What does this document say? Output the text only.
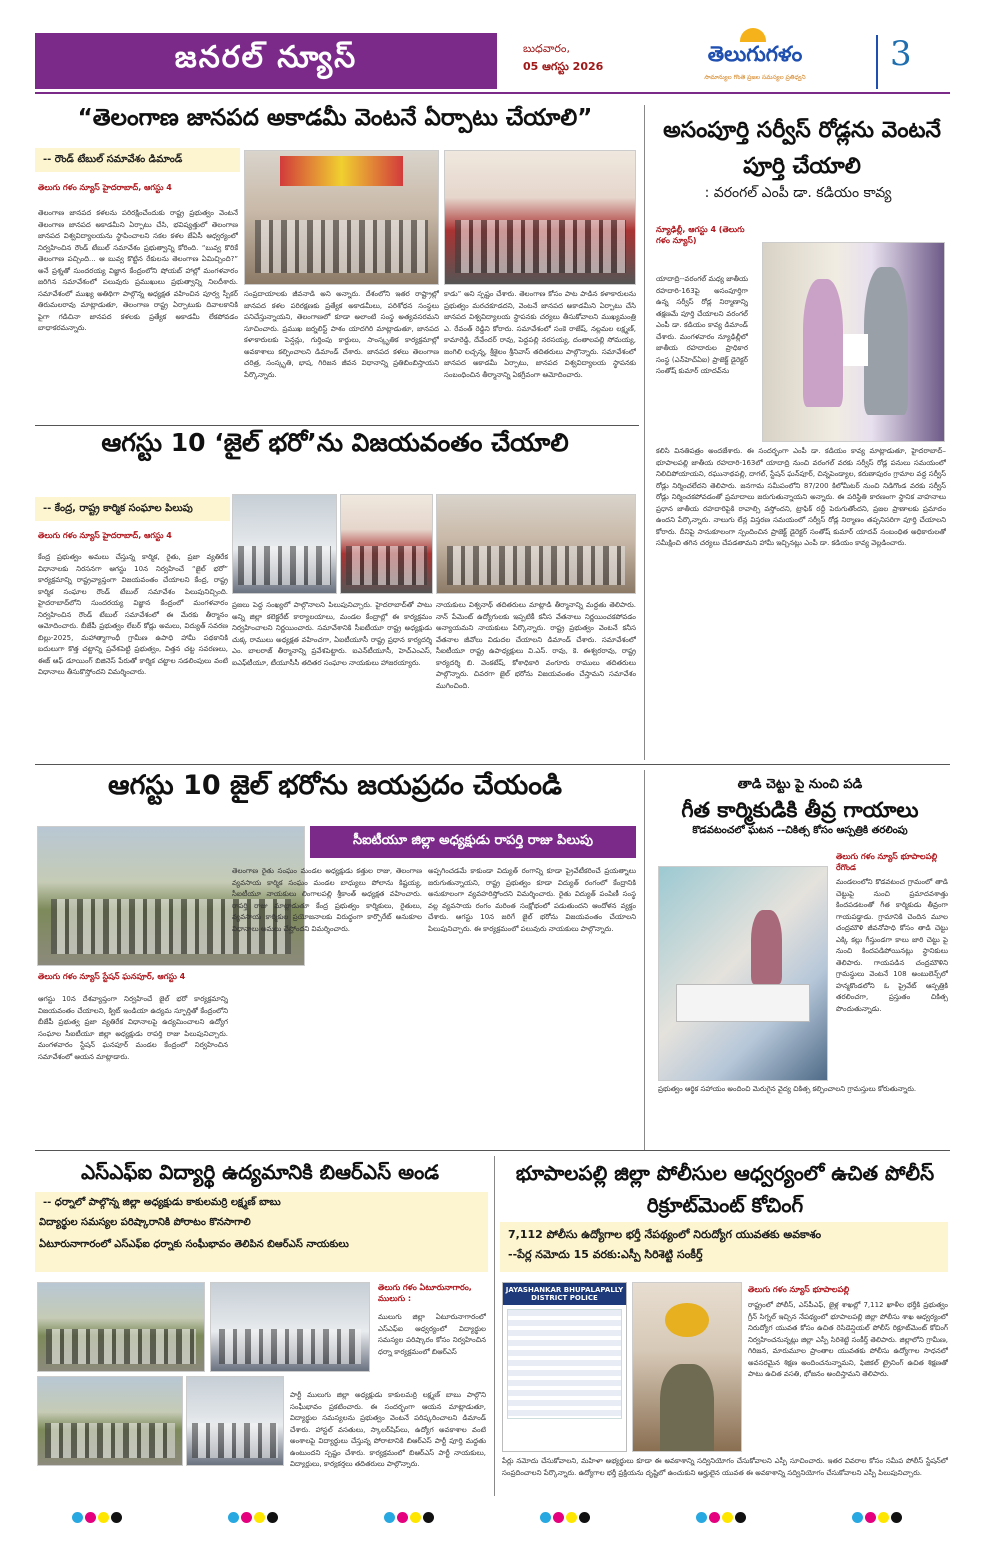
జనరల్ న్యూస్	బుధవారం,
05 ఆగస్టు 2026
తెలుగుగళం
సామాన్యుల గొంతె ప్రజల సమస్యల ప్రతిధ్వని
3
“తెలంగాణ జానపద అకాడమీ వెంటనే ఏర్పాటు చేయాలి”
-- రౌండ్ టేబుల్ సమావేశం డిమాండ్
తెలుగు గళం న్యూస్ హైదరాబాద్, ఆగస్టు 4
తెలంగాణ జానపద కళలను పరిరక్షించేందుకు రాష్ట్ర ప్రభుత్వం వెంటనే తెలంగాణ జానపద అకాడమీని ఏర్పాటు చేసి, భవిష్యత్తులో తెలంగాణ జానపద విశ్వవిద్యాలయను స్థాపించాలని సకల కళల జేఏసీ ఆధ్వర్యంలో నిర్వహించిన రౌండ్ టేబుల్ సమావేశం ప్రభుత్వాన్ని కోరింది. “బువ్వ కొరికే తెలంగాణ పచ్చింది... ఆ బువ్వ కొట్టిన రేకులను తెలంగాణ ఏమిచ్చింది?” అనే ప్రశ్నతో సుందరయ్య విజ్ఞాన కేంద్రంలోని షోయబ్ హాల్లో మంగళవారం జరిగిన సమావేశంలో పలువురు ప్రముఖులు ప్రభుత్వాన్ని నిలదీశారు. సమావేశంలో ముఖ్య అతిథిగా పాల్గొన్న అధ్యక్షత వహించిన పూర్వ స్పీకర్ తిరుమలరావు మాట్లాడుతూ, తెలంగాణ రాష్ట్ర ఏర్పాటుకు దివాలకానికి పైగా గడిచినా జానపద కళలకు ప్రత్యేక అకాడమీ లేకపోవడం బాధాకరమన్నారు.
సంప్రదాయాలకు జీవనాడి అని అన్నారు. దేశంలోని ఇతర రాష్ట్రాల్లో జానపద కళల పరిరక్షణకు ప్రత్యేక అకాడమీలు, పరిశోధన సంస్థలు పనిచేస్తున్నాయని, తెలంగాణలో కూడా అలాంటి సంస్థ అత్యవసరమని సూచించారు. ప్రముఖ జర్నలిస్ట్ పాశం యాదగిరి మాట్లాడుతూ, జానపద కళాకారులకు పెన్షన్లు, గుర్తింపు కార్డులు, సాంస్కృతిక కార్యక్రమాల్లో అవకాశాలు కల్పించాలని డిమాండ్ చేశారు. జానపద కళలు తెలంగాణ చరిత్ర, సంస్కృతి, భాష, గిరిజన జీవన విధానాన్ని ప్రతిబింబిస్తాయని పేర్కొన్నారు.
కాడు” అని స్పష్టం చేశారు. తెలంగాణ కోసం పాట పాడిన కళాకారులను ప్రభుత్వం మరచకూడదని, వెంటనే జానపద అకాడమీని ఏర్పాటు చేసి జానపద విశ్వవిద్యాలయ స్థాపనకు చర్యలు తీసుకోవాలని ముఖ్యమంత్రి ఎ. రేవంత్ రెడ్డిని కోరారు. సమావేశంలో సంకె రాజేష్, నల్లమల లక్ష్మణ్, కామారెడ్డి, దేవేందర్ రావు, పెద్దపల్లి నరసయ్య, దంతాలపల్లి సోమయ్య, జంగిలి లచ్చన్న, శ్రీశైలం శ్రీనివాస్ తదితరులు పాల్గొన్నారు. సమావేశంలో జానపద అకాడమీ ఏర్పాటు, జానపద విశ్వవిద్యాలయ స్థాపనకు సంబంధించిన తీర్మానాన్ని ఏకగ్రీవంగా ఆమోదించారు.
అసంపూర్తి సర్వీస్ రోడ్లను వెంటనే పూర్తి చేయాలి
: వరంగల్ ఎంపీ డా. కడియం కావ్య
న్యూఢిల్లీ, ఆగస్టు 4 (తెలుగు గళం న్యూస్)
యాదాద్రి--వరంగల్ మధ్య జాతీయ రహదారి-163పై అసంపూర్తిగా ఉన్న సర్వీస్ రోడ్ల నిర్మాణాన్ని తక్షణమే పూర్తి చేయాలని వరంగల్ ఎంపీ డా. కడియం కావ్య డిమాండ్ చేశారు. మంగళవారం న్యూఢిల్లీలో జాతీయ రహదారుల ప్రాధికార సంస్థ (ఎన్‌హెచ్‌ఏఐ) ప్రాజెక్ట్ డైరెక్టర్ సంతోష్ కుమార్ యాదవ్‌ను
కలిసి వినతిపత్రం అందజేశారు. ఈ సందర్భంగా ఎంపీ డా. కడియం కావ్య మాట్లాడుతూ, హైదరాబాద్–భూపాలపల్లి జాతీయ రహదారి-163లో యాదాద్రి నుంచి వరంగల్ వరకు సర్వీస్ రోడ్ల పనులు సమయంలో నిలిచిపోయాయని, రఘునాథపల్లి, దాగల్, స్టేషన్ ఘన్‌పూర్, చిన్నపెండ్యాల, కరుణాపురం గ్రామాల వద్ద సర్వీస్ రోడ్లు నిర్మించలేదని తెలిపారు. జనగామ సమీపంలోని 87/200 కిలోమీటర్ నుంచి నిడిగొండ వరకు సర్వీస్ రోడ్లు నిర్మించకపోవడంతో ప్రమాదాలు జరుగుతున్నాయని అన్నారు. ఈ పరిస్థితి కారణంగా స్థానిక వాహనాలు ప్రధాన జాతీయ రహదారిపైకి రావాల్సి వస్తోందని, ట్రాఫిక్ రద్దీ పెరుగుతోందని, ప్రజల ప్రాణాలకు ప్రమాదం ఉందని పేర్కొన్నారు. నాలుగు లేన్ల విస్తరణ సమయంలో సర్వీస్ రోడ్ల నిర్మాణం తప్పనిసరిగా పూర్తి చేయాలని కోరారు. దీనిపై సానుకూలంగా స్పందించిన ప్రాజెక్ట్ డైరెక్టర్ సంతోష్ కుమార్ యాదవ్ సంబంధిత అధికారులతో సమీక్షించి తగిన చర్యలు చేపడతామని హామీ ఇచ్చినట్లు ఎంపీ డా. కడియం కావ్య వెల్లడించారు.
ఆగస్టు 10 ‘జైల్ భరో’ను విజయవంతం చేయాలి
-- కేంద్ర, రాష్ట్ర కార్మిక సంఘాల పిలుపు
తెలుగు గళం న్యూస్ హైదరాబాద్, ఆగస్టు 4
కేంద్ర ప్రభుత్వం అమలు చేస్తున్న కార్మిక, రైతు, ప్రజా వ్యతిరేక విధానాలకు నిరసనగా ఆగస్టు 10న నిర్వహించే “జైల్ భరో” కార్యక్రమాన్ని రాష్ట్రవ్యాప్తంగా విజయవంతం చేయాలని కేంద్ర, రాష్ట్ర కార్మిక సంఘాల రౌండ్ టేబుల్ సమావేశం పిలుపునిచ్చింది. హైదరాబాద్‌లోని సుందరయ్య విజ్ఞాన కేంద్రంలో మంగళవారం నిర్వహించిన రౌండ్ టేబుల్ సమావేశంలో ఈ మేరకు తీర్మానం ఆమోదించారు. బీజేపీ ప్రభుత్వం లేబర్ కోడ్లు అమలు, విద్యుత్ సవరణ బిల్లు-2025, మహాత్మాగాంధీ గ్రామీణ ఉపాధి హామీ పథకానికి బదులుగా కొత్త చట్టాన్ని ప్రవేశపెట్టి ప్రభుత్వం, విత్తన చట్ట సవరణలు, ఈజ్ ఆఫ్ డూయింగ్ బిజినెస్ పేరుతో కార్మిక చట్టాల సడలింపులు వంటి విధానాలు తీసుకొస్తోందని విమర్శించారు.
ప్రజలు పెద్ద సంఖ్యలో పాల్గొనాలని పిలుపునిచ్చారు. హైదరాబాద్‌తో పాటు అన్ని జిల్లా కలెక్టరేట్ కార్యాలయాలు, మండల కేంద్రాల్లో ఈ కార్యక్రమం నిర్వహించాలని నిర్ణయించారు. సమావేశానికి సీఐటీయూ రాష్ట్ర అధ్యక్షుడు చుక్క రాములు అధ్యక్షత వహించగా, ఏఐటీయూసీ రాష్ట్ర ప్రధాన కార్యదర్శి ఎం. బాలరాజ్ తీర్మానాన్ని ప్రవేశపెట్టారు. ఐఎన్‌టీయూసీ, హెచ్ఎంఎస్, ఐఎఫ్‌టీయూ, టీయూసీసీ తదితర సంఘాల నాయకులు హాజరయ్యారు.
నాయకులు విశ్వనాథ్ తదితరులు మాట్లాడి తీర్మానాన్ని మద్దతు తెలిపారు. నాన్ పేమెంట్ ఉద్యోగులకు ఇప్పటికీ కనీస వేతనాలు నిర్ణయించకపోవడం అన్యాయమని నాయకులు పేర్కొన్నారు. రాష్ట్ర ప్రభుత్వం వెంటనే కనీస వేతనాల జీవోలు విడుదల చేయాలని డిమాండ్ చేశారు. సమావేశంలో సీఐటీయూ రాష్ట్ర ఉపాధ్యక్షులు వి.ఎస్. రావు, కె. ఈశ్వరరావు, రాష్ట్ర కార్యదర్శి బి. వెంకటేష్, కోశాధికారి వంగూరు రాములు తదితరులు పాల్గొన్నారు. చివరగా జైల్ భరోను విజయవంతం చేస్తామని సమావేశం ముగించింది.
ఆగస్టు 10 జైల్ భరోను జయప్రదం చేయండి
సీఐటీయూ జిల్లా అధ్యక్షుడు రాపర్తి రాజు పిలుపు
తెలుగు గళం న్యూస్ స్టేషన్ ఘనపూర్, ఆగస్టు 4
ఆగస్టు 10న దేశవ్యాప్తంగా నిర్వహించే జైల్ భరో కార్యక్రమాన్ని విజయవంతం చేయాలని, క్విట్ ఇండియా ఉద్యమ స్ఫూర్తితో కేంద్రంలోని బీజేపీ ప్రభుత్వ ప్రజా వ్యతిరేక విధానాలపై ఉద్యమించాలని ఉద్యోగ సంఘాల సీఐటీయూ జిల్లా అధ్యక్షుడు రాపర్తి రాజు పిలుపునిచ్చారు. మంగళవారం స్టేషన్ ఘనపూర్ మండల కేంద్రంలో నిర్వహించిన సమావేశంలో ఆయన మాట్లాడారు.
తెలంగాణ రైతు సంఘం మండల అధ్యక్షుడు కత్తుల రాజు, తెలంగాణ వ్యవసాయ కార్మిక సంఘం మండల బాధ్యులు పోలాను కిష్టయ్య, సీఐటీయూ నాయకులు లింగాలపల్లి శ్రీకాంత్ అధ్యక్షత వహించారు. రాపర్తి రాజు మాట్లాడుతూ కేంద్ర ప్రభుత్వం కార్మికులు, రైతులు, వ్యవసాయ కార్మికుల ప్రయోజనాలకు విరుద్ధంగా కార్పొరేట్ అనుకూల విధానాలు అమలు చేస్తోందని విమర్శించారు.
అప్పగించడమే కాకుండా విద్యుత్ రంగాన్ని కూడా ప్రైవేటీకరించే ప్రయత్నాలు జరుగుతున్నాయని, రాష్ట్ర ప్రభుత్వం కూడా విద్యుత్ రంగంలో కేంద్రానికి అనుకూలంగా వ్యవహరిస్తోందని విమర్శించారు. రైతు విద్యుత్ పంపిణీ సంస్థ వల్ల వ్యవసాయ రంగం మరింత సంక్షోభంలో పడుతుందని ఆందోళన వ్యక్తం చేశారు. ఆగస్టు 10న జరిగే జైల్ భరోను విజయవంతం చేయాలని పిలుపునిచ్చారు. ఈ కార్యక్రమంలో పలువురు నాయకులు పాల్గొన్నారు.
తాడి చెట్టు పై నుంచి పడి
గీత కార్మికుడికి తీవ్ర గాయాలు
కొడవటంచలో ఘటన --చికిత్స కోసం ఆస్పత్రికి తరలింపు
తెలుగు గళం న్యూస్ భూపాలపల్లి రేగొండ
మండలంలోని కొడవటంచ గ్రామంలో తాడి చెట్టుపై నుంచి ప్రమాదవశాత్తు కిందపడటంతో గీత కార్మికుడు తీవ్రంగా గాయపడ్డాడు. గ్రామానికి చెందిన మూల చంద్రమౌళి జీవనోపాధి కోసం తాడి చెట్టు ఎక్కి కల్లు గీస్తుండగా కాలు జారి చెట్టు పై నుంచి కిందపడిపోయినట్లు స్థానికులు తెలిపారు. గాయపడిన చంద్రమౌళిని గ్రామస్థులు వెంటనే 108 అంబులెన్స్‌లో హన్మకొండలోని ఓ ప్రైవేట్ ఆస్పత్రికి తరలించగా, ప్రస్తుతం చికిత్స పొందుతున్నాడు.
ప్రభుత్వం ఆర్థిక సహాయం అందించి మెరుగైన వైద్య చికిత్స కల్పించాలని గ్రామస్తులు కోరుతున్నారు.
ఎస్ఎఫ్ఐ విద్యార్థి ఉద్యమానికి బిఆర్ఎస్ అండ
-- ధర్నాలో పాల్గొన్న జిల్లా అధ్యక్షుడు కాకులమర్రి లక్ష్మణ్ బాబు
విద్యార్థుల సమస్యల పరిష్కారానికి పోరాటం కొనసాగాలి
ఏటూరునాగారంలో ఎస్ఎఫ్ఐ ధర్నాకు సంఘీభావం తెలిపిన బిఆర్ఎస్ నాయకులు
తెలుగు గళం ఏటూరునాగారం, ములుగు :
ములుగు జిల్లా ఏటూరునాగారంలో ఎస్ఎఫ్ఐ ఆధ్వర్యంలో విద్యార్థుల సమస్యల పరిష్కారం కోసం నిర్వహించిన ధర్నా కార్యక్రమంలో బిఆర్ఎస్
పార్టీ ములుగు జిల్లా అధ్యక్షుడు కాకులమర్రి లక్ష్మణ్ బాబు పాల్గొని సంఘీభావం ప్రకటించారు. ఈ సందర్భంగా ఆయన మాట్లాడుతూ, విద్యార్థుల సమస్యలను ప్రభుత్వం వెంటనే పరిష్కరించాలని డిమాండ్ చేశారు. హాస్టల్ వసతులు, స్కాలర్‌షిప్‌లు, ఉద్యోగ అవకాశాల వంటి అంశాలపై విద్యార్థులు చేస్తున్న పోరాటానికి బిఆర్ఎస్ పార్టీ పూర్తి మద్దతు ఉంటుందని స్పష్టం చేశారు. కార్యక్రమంలో బిఆర్ఎస్ పార్టీ నాయకులు, విద్యార్థులు, కార్యకర్తలు తదితరులు పాల్గొన్నారు.
భూపాలపల్లి జిల్లా పోలీసుల ఆధ్వర్యంలో ఉచిత పోలీస్ రిక్రూట్‌మెంట్ కోచింగ్
7,112 పోలీసు ఉద్యోగాల భర్తీ నేపథ్యంలో నిరుద్యోగ యువతకు అవకాశం
--పేర్ల నమోదు 15 వరకు:ఎస్పీ సిరిశెట్టి సంకీర్త్
JAYASHANKAR BHUPALAPALLY DISTRICT POLICE
తెలుగు గళం న్యూస్ భూపాలపల్లి
రాష్ట్రంలో పోలీస్, ఎస్‌పీఎఫ్, జైళ్ల శాఖల్లో 7,112 ఖాళీల భర్తీకి ప్రభుత్వం గ్రీన్ సిగ్నల్ ఇచ్చిన నేపథ్యంలో భూపాలపల్లి జిల్లా పోలీసు శాఖ ఆధ్వర్యంలో నిరుద్యోగ యువత కోసం ఉచిత రెసిడెన్షియల్ పోలీస్ రిక్రూట్‌మెంట్ కోచింగ్ నిర్వహించనున్నట్లు జిల్లా ఎస్పీ సిరిశెట్టి సంకీర్త్ తెలిపారు. జిల్లాలోని గ్రామీణ, గిరిజన, మారుమూల ప్రాంతాల యువతకు పోలీసు ఉద్యోగాల సాధనలో అవసరమైన శిక్షణ అందించనున్నామని, ఫిజికల్ ట్రైనింగ్ ఉచిత శిక్షణతో పాటు ఉచిత వసతి, భోజనం అందిస్తామని తెలిపారు.
పేర్లు నమోదు చేసుకోవాలని, మహిళా అభ్యర్థులు కూడా ఈ అవకాశాన్ని సద్వినియోగం చేసుకోవాలని ఎస్పీ సూచించారు. ఇతర వివరాల కోసం సమీప పోలీస్ స్టేషన్‌లో సంప్రదించాలని పేర్కొన్నారు. ఉద్యోగాల భర్తీ ప్రక్రియను దృష్టిలో ఉంచుకుని అర్హులైన యువత ఈ అవకాశాన్ని సద్వినియోగం చేసుకోవాలని ఎస్పీ పిలుపునిచ్చారు.
